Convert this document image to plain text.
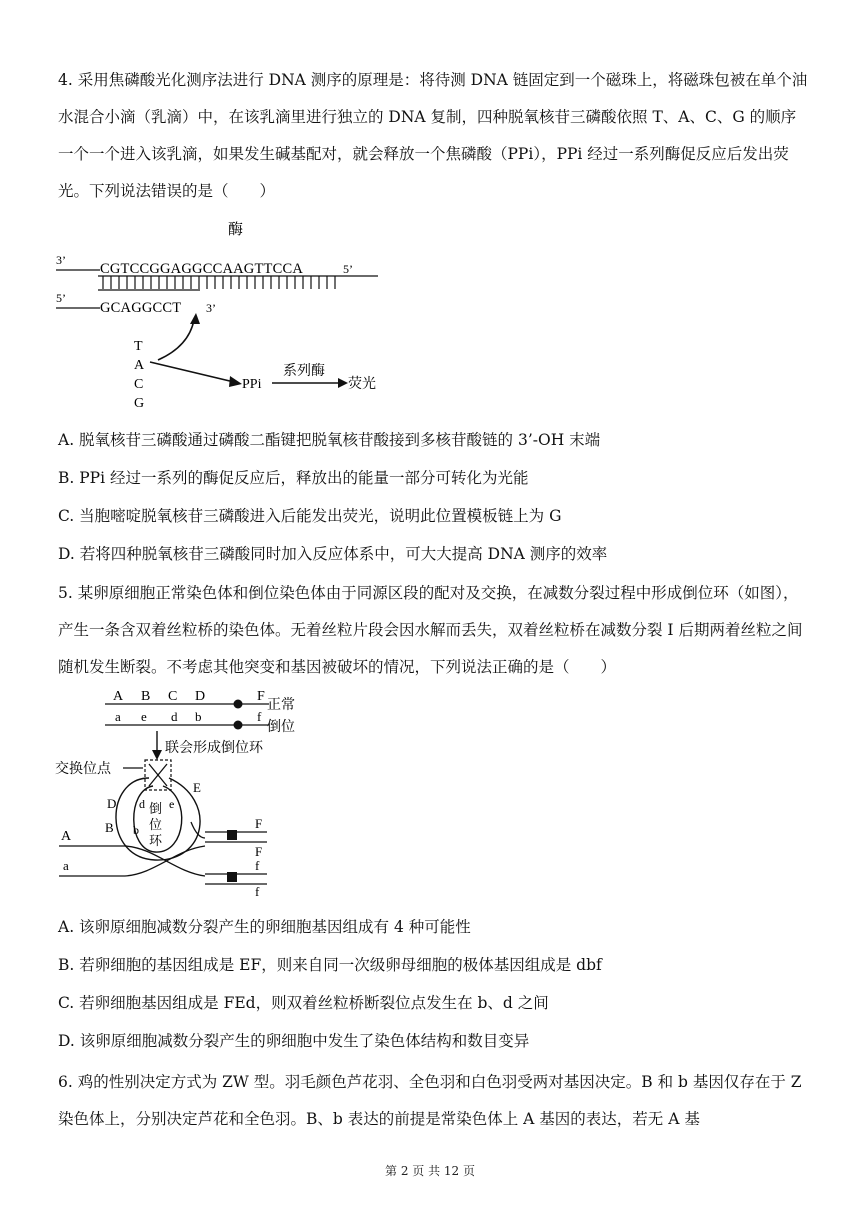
4. 采用焦磷酸光化测序法进行 DNA 测序的原理是：将待测 DNA 链固定到一个磁珠上，将磁珠包被在单个油水混合小滴（乳滴）中，在该乳滴里进行独立的 DNA 复制，四种脱氧核苷三磷酸依照 T、A、C、G 的顺序一个一个进入该乳滴，如果发生碱基配对，就会释放一个焦磷酸（PPi），PPi 经过一系列酶促反应后发出荧光。下列说法错误的是（　　）
酶
3’
CGTCCGGAGGCCAAGTTCCA	5’
5’
GCAGGCCT 3’
T
A
C
G
PPi
系列酶
荧光
A. 脱氧核苷三磷酸通过磷酸二酯键把脱氧核苷酸接到多核苷酸链的 3’-OH 末端
B. PPi 经过一系列的酶促反应后，释放出的能量一部分可转化为光能
C. 当胞嘧啶脱氧核苷三磷酸进入后能发出荧光，说明此位置模板链上为 G
D. 若将四种脱氧核苷三磷酸同时加入反应体系中，可大大提高 DNA 测序的效率
5. 某卵原细胞正常染色体和倒位染色体由于同源区段的配对及交换，在减数分裂过程中形成倒位环（如图），产生一条含双着丝粒桥的染色体。无着丝粒片段会因水解而丢失，双着丝粒桥在减数分裂 I 后期两着丝粒之间随机发生断裂。不考虑其他突变和基因被破坏的情况，下列说法正确的是（　　）
A B C D	F
正常
a e d b	f
倒位
联会形成倒位环
交换位点
D
B
E
d e
b
倒
位
环
A
a
F
F
f
f
A. 该卵原细胞减数分裂产生的卵细胞基因组成有 4 种可能性
B. 若卵细胞的基因组成是 EF，则来自同一次级卵母细胞的极体基因组成是 dbf
C. 若卵细胞基因组成是 FEd，则双着丝粒桥断裂位点发生在 b、d 之间
D. 该卵原细胞减数分裂产生的卵细胞中发生了染色体结构和数目变异
6. 鸡的性别决定方式为 ZW 型。羽毛颜色芦花羽、全色羽和白色羽受两对基因决定。B 和 b 基因仅存在于 Z 染色体上，分别决定芦花和全色羽。B、b 表达的前提是常染色体上 A 基因的表达，若无 A 基
第 2 页 共 12 页
